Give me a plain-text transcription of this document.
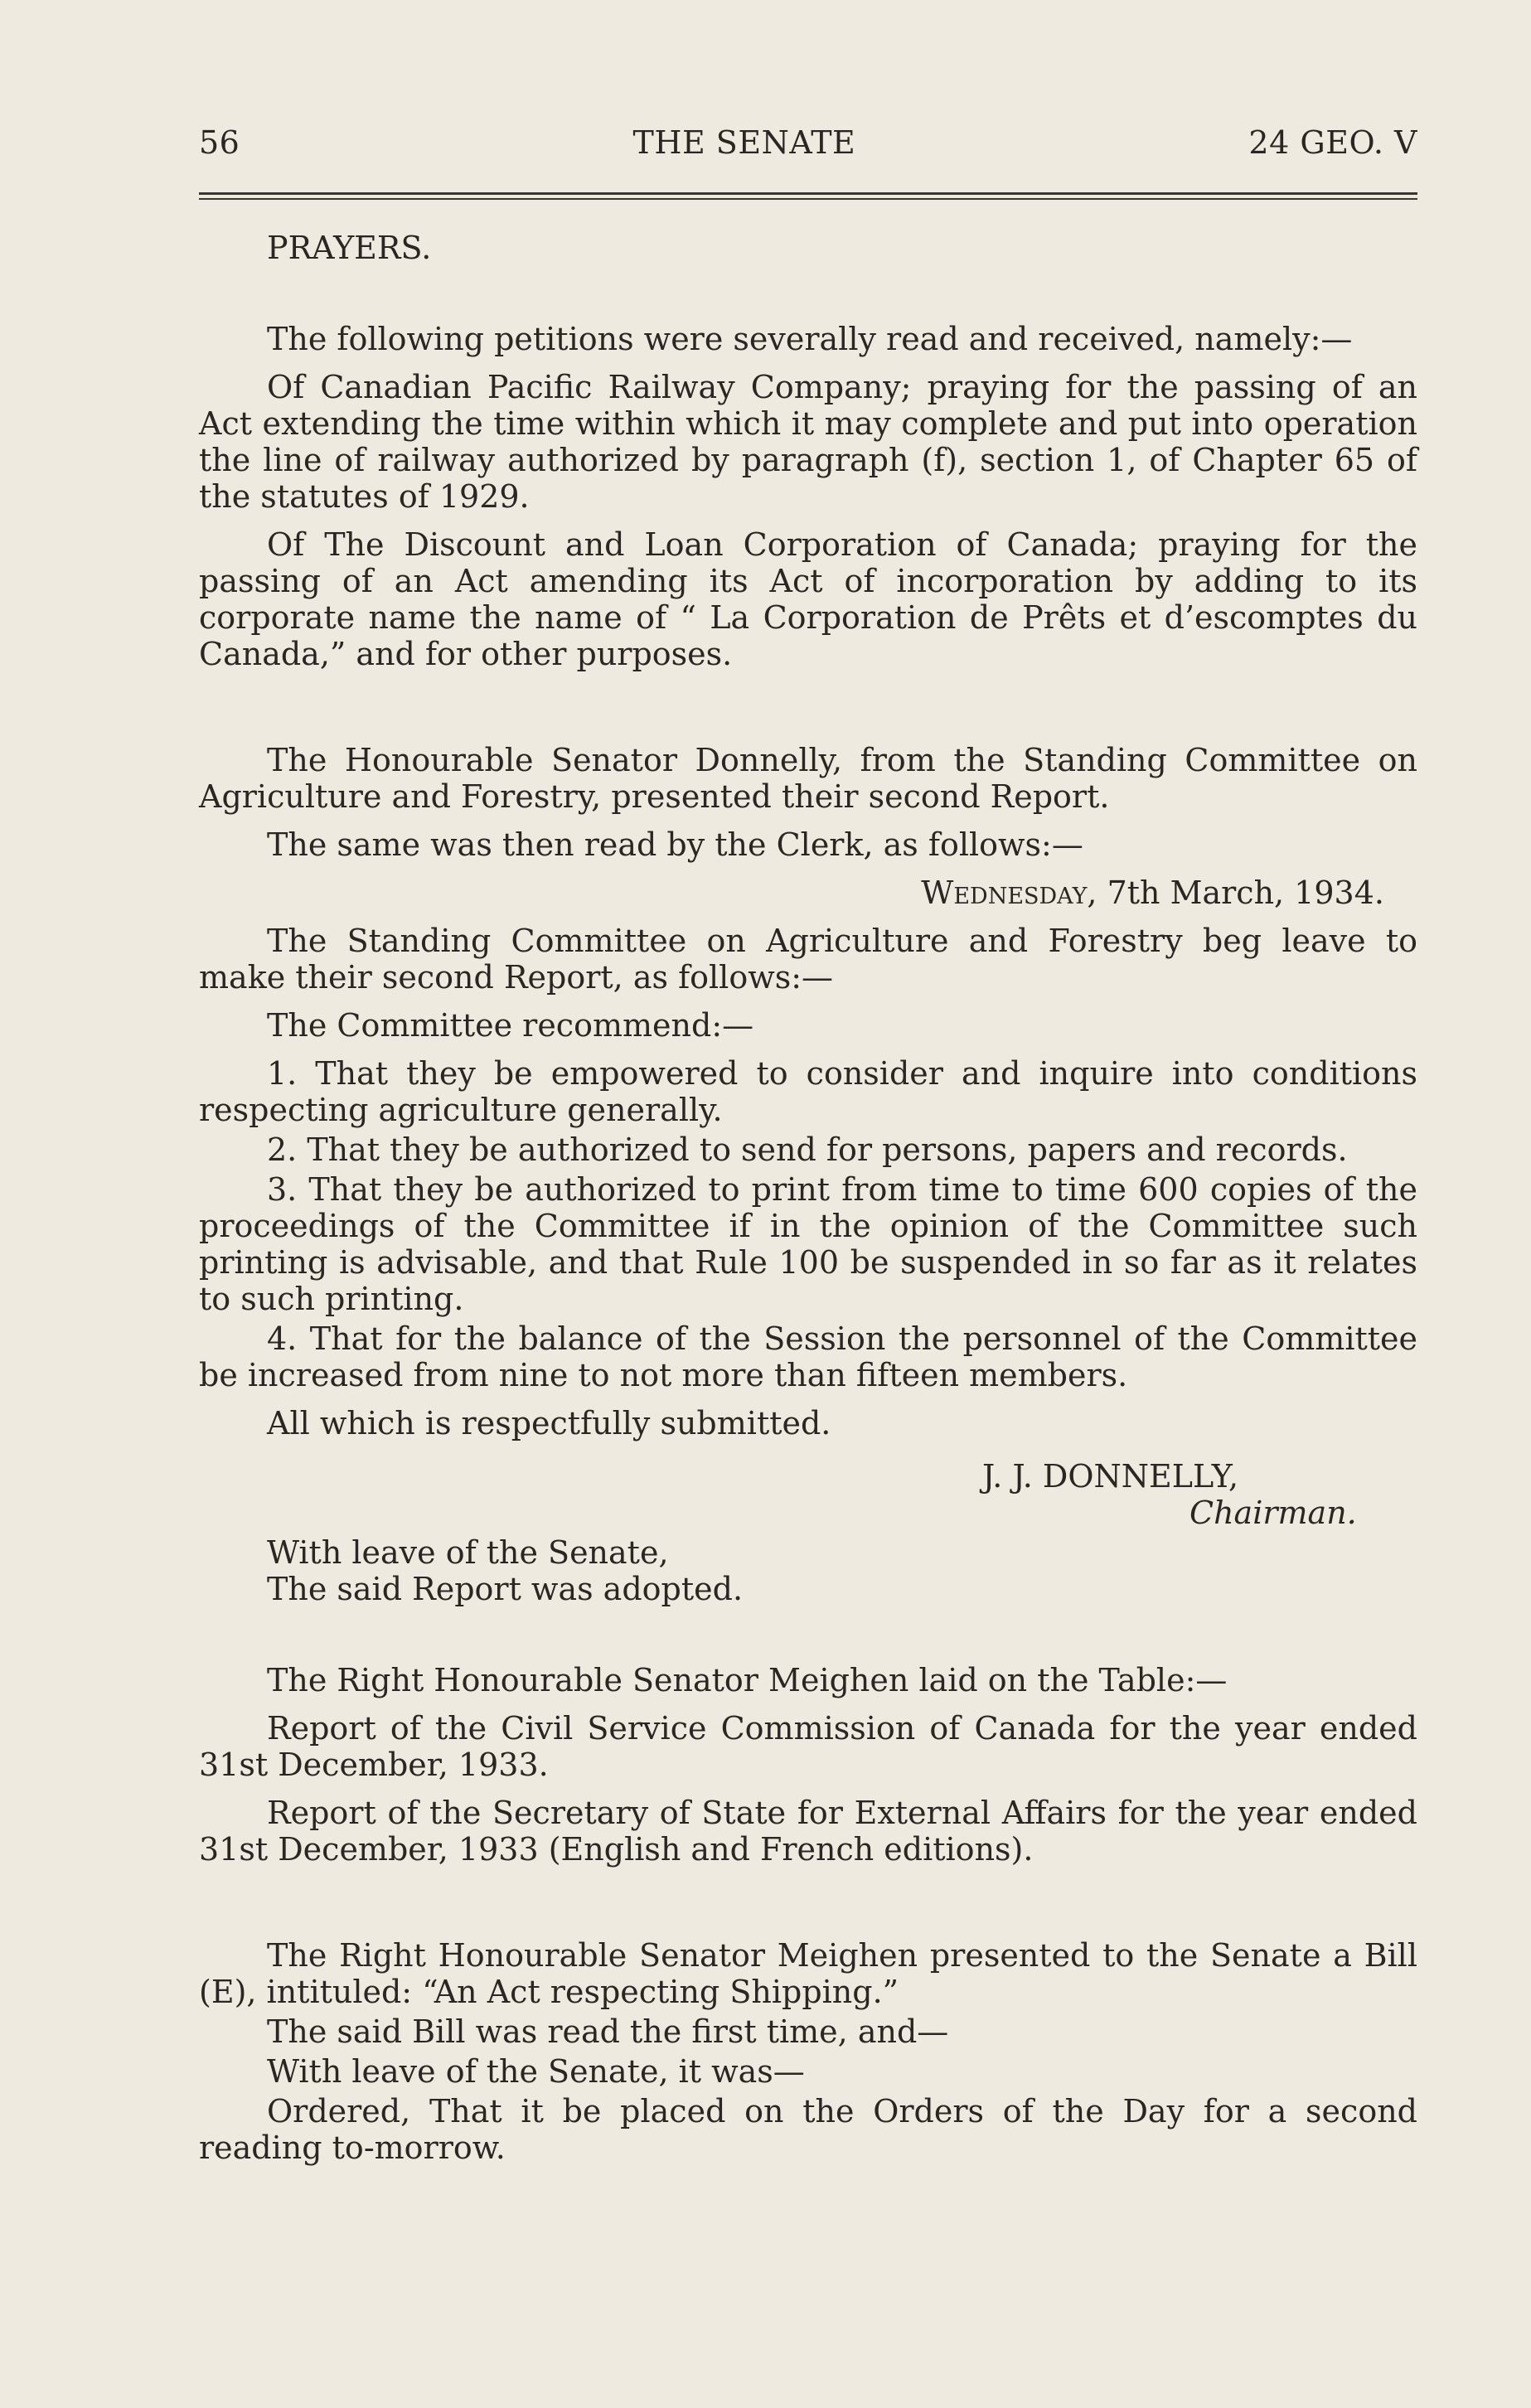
56	THE SENATE	24 GEO. V

PRAYERS.

The following petitions were severally read and received, namely:—

Of Canadian Pacific Railway Company; praying for the passing of an Act extending the time within which it may complete and put into operation the line of railway authorized by paragraph (f), section 1, of Chapter 65 of the statutes of 1929.

Of The Discount and Loan Corporation of Canada; praying for the passing of an Act amending its Act of incorporation by adding to its corporate name the name of “ La Corporation de Prêts et d’escomptes du Canada,” and for other purposes.

The Honourable Senator Donnelly, from the Standing Committee on Agriculture and Forestry, presented their second Report.

The same was then read by the Clerk, as follows:—

Wednesday, 7th March, 1934.

The Standing Committee on Agriculture and Forestry beg leave to make their second Report, as follows:—

The Committee recommend:—

1. That they be empowered to consider and inquire into conditions respecting agriculture generally.

2. That they be authorized to send for persons, papers and records.

3. That they be authorized to print from time to time 600 copies of the proceedings of the Committee if in the opinion of the Committee such printing is advisable, and that Rule 100 be suspended in so far as it relates to such printing.

4. That for the balance of the Session the personnel of the Committee be increased from nine to not more than fifteen members.

All which is respectfully submitted.

J. J. DONNELLY,

Chairman.

With leave of the Senate,

The said Report was adopted.

The Right Honourable Senator Meighen laid on the Table:—

Report of the Civil Service Commission of Canada for the year ended 31st December, 1933.

Report of the Secretary of State for External Affairs for the year ended 31st December, 1933 (English and French editions).

The Right Honourable Senator Meighen presented to the Senate a Bill (E), intituled: “An Act respecting Shipping.”

The said Bill was read the first time, and—

With leave of the Senate, it was—

Ordered, That it be placed on the Orders of the Day for a second reading to-morrow.
